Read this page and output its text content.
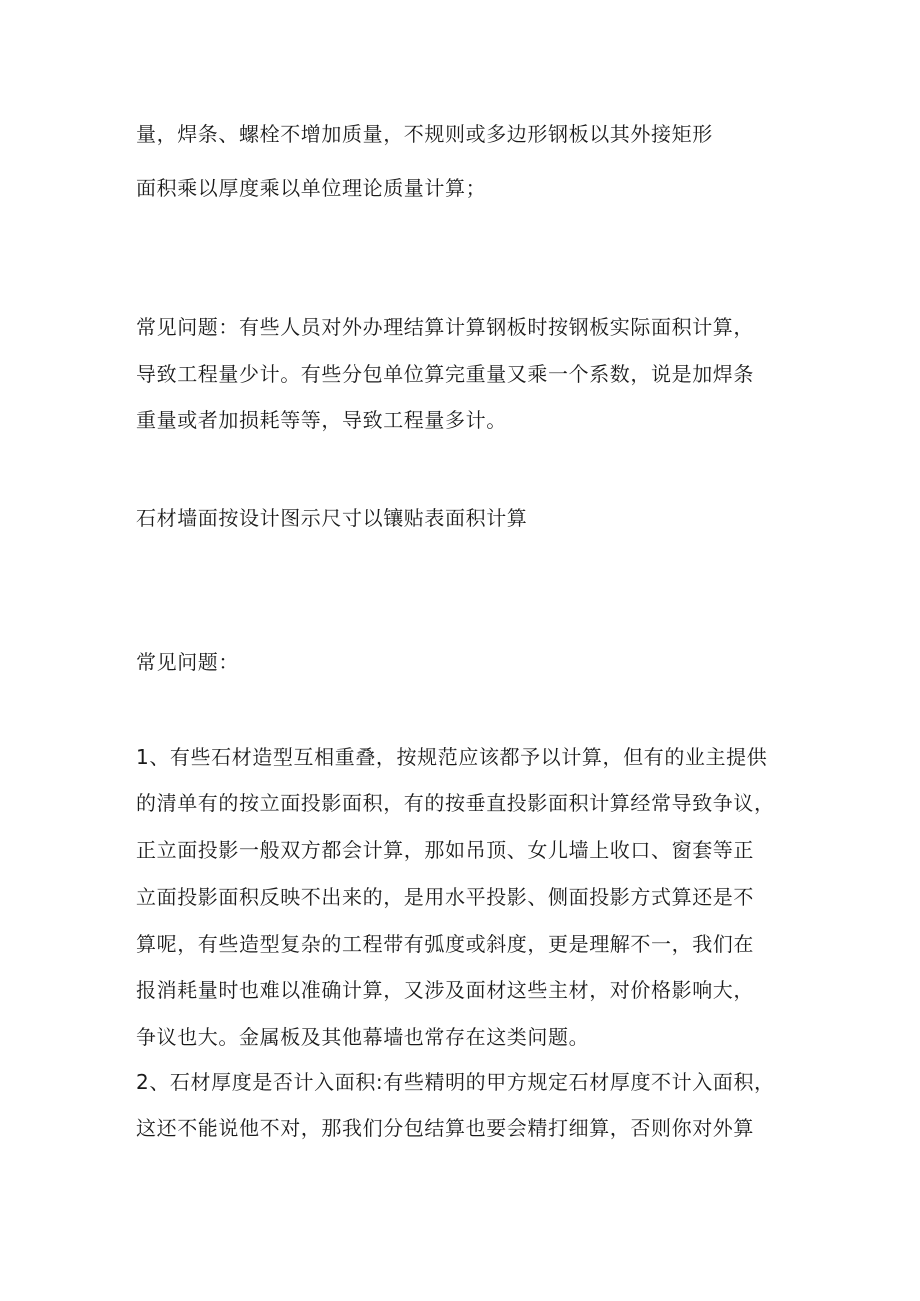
量，焊条、螺栓不增加质量，不规则或多边形钢板以其外接矩形
面积乘以厚度乘以单位理论质量计算；
常见问题：有些人员对外办理结算计算钢板时按钢板实际面积计算，
导致工程量少计。有些分包单位算完重量又乘一个系数，说是加焊条
重量或者加损耗等等，导致工程量多计。
石材墙面按设计图示尺寸以镶贴表面积计算
常见问题：
1、有些石材造型互相重叠，按规范应该都予以计算，但有的业主提供
的清单有的按立面投影面积，有的按垂直投影面积计算经常导致争议，
正立面投影一般双方都会计算，那如吊顶、女儿墙上收口、窗套等正
立面投影面积反映不出来的，是用水平投影、侧面投影方式算还是不
算呢，有些造型复杂的工程带有弧度或斜度，更是理解不一，我们在
报消耗量时也难以准确计算，又涉及面材这些主材，对价格影响大，
争议也大。金属板及其他幕墙也常存在这类问题。
2、石材厚度是否计入面积:有些精明的甲方规定石材厚度不计入面积，
这还不能说他不对，那我们分包结算也要会精打细算，否则你对外算
